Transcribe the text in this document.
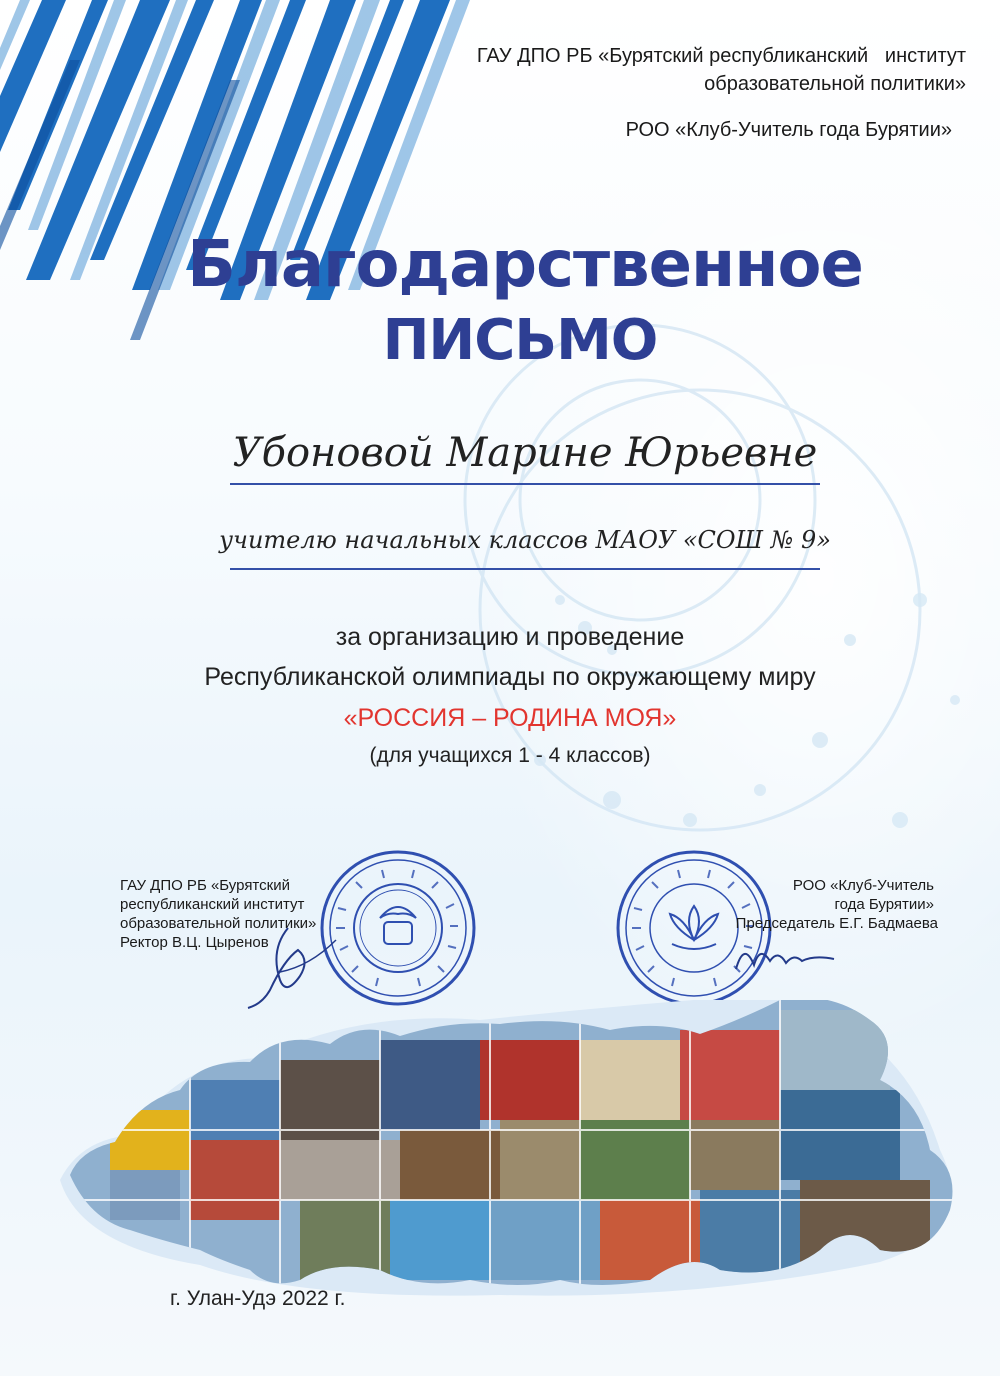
ГАУ ДПО РБ «Бурятский республиканский   институт
образовательной политики»
РОО «Клуб-Учитель года Бурятии»
Благодарственное
ПИСЬМО
Убоновой Марине Юрьевне
учителю начальных классов МАОУ «СОШ № 9»
за организацию и проведение
Республиканской олимпиады по окружающему миру
«РОССИЯ – РОДИНА МОЯ»
(для учащихся 1 - 4 классов)
ГАУ ДПО РБ «Бурятский
республиканский институт
образовательной политики»
Ректор В.Ц. Цыренов
РОО «Клуб-Учитель
года Бурятии»
Председатель Е.Г. Бадмаева
г. Улан-Удэ 2022 г.
